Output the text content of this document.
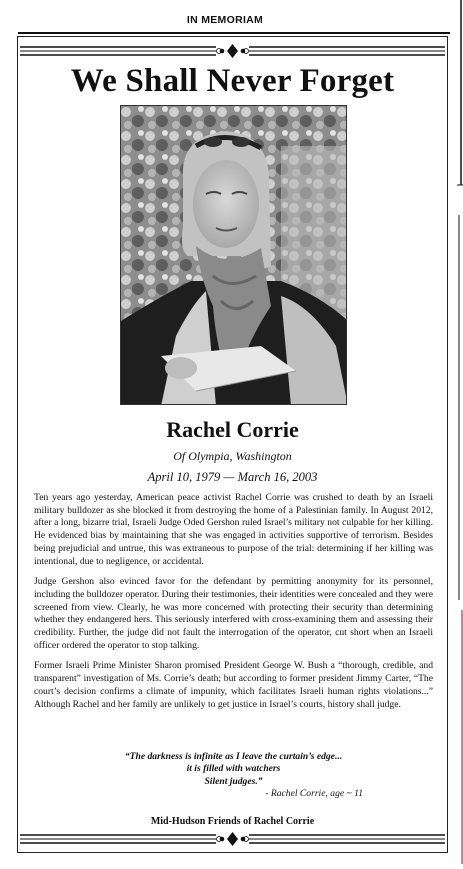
IN MEMORIAM
We Shall Never Forget
Rachel Corrie
Of Olympia, Washington
April 10, 1979 — March 16, 2003

Ten years ago yesterday, American peace activist Rachel Corrie was crushed to death by an Israeli military bulldozer as she blocked it from destroying the home of a Palestinian family. In August 2012, after a long, bizarre trial, Israeli Judge Oded Gershon ruled Israel’s military not culpable for her killing. He evidenced bias by maintaining that she was engaged in activities supportive of terrorism. Besides being prejudicial and untrue, this was extraneous to purpose of the trial: determining if her killing was intentional, due to negligence, or accidental.

Judge Gershon also evinced favor for the defendant by permitting anonymity for its personnel, including the bulldozer operator. During their testimonies, their identities were concealed and they were screened from view. Clearly, he was more concerned with protecting their security than determining whether they endangered hers. This seriously interfered with cross-examining them and assessing their credibility. Further, the judge did not fault the interrogation of the operator, cut short when an Israeli officer ordered the operator to stop talking.

Former Israeli Prime Minister Sharon promised President George W. Bush a “thorough, credible, and transparent” investigation of Ms. Corrie’s death; but according to former president Jimmy Carter, “The court’s decision confirms a climate of impunity, which facilitates Israeli human rights violations...” Although Rachel and her family are unlikely to get justice in Israel’s courts, history shall judge.

“The darkness is infinite as I leave the curtain’s edge...
it is filled with watchers
Silent judges.”
- Rachel Corrie, age ~ 11
Mid-Hudson Friends of Rachel Corrie
